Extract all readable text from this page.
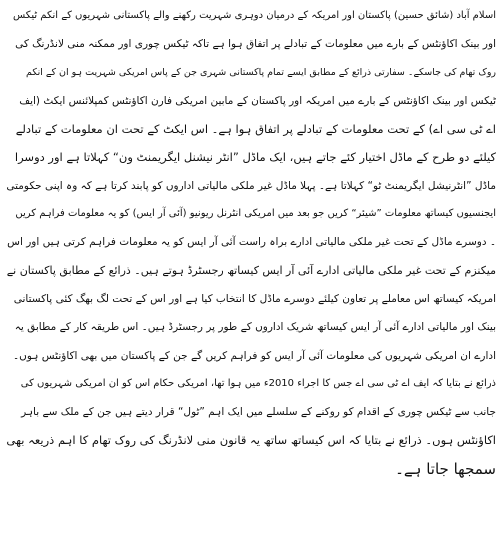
اسلام آباد (شائق حسین) پاکستان اور امریکہ کے درمیان دوہری شہریت رکھنے والے پاکستانی شہریوں کے انکم ٹیکس
اور بینک اکاؤنٹس کے بارے میں معلومات کے تبادلے پر اتفاق ہوا ہے تاکہ ٹیکس چوری اور ممکنہ منی لانڈرنگ کی
روک تھام کی جاسکے۔ سفارتی ذرائع کے مطابق ایسے تمام پاکستانی شہری جن کے پاس امریکی شہریت ہو ان کے انکم
ٹیکس اور بینک اکاؤنٹس کے بارے میں امریکہ اور پاکستان کے مابین امریکی فارن اکاؤنٹس کمپلائنس ایکٹ (ایف
اے ٹی سی اے) کے تحت معلومات کے تبادلے پر اتفاق ہوا ہے۔ اس ایکٹ کے تحت ان معلومات کے تبادلے
کیلئے دو طرح کے ماڈل اختیار کئے جاتے ہیں، ایک ماڈل ”انٹر نیشنل ایگریمنٹ ون“ کہلاتا ہے اور دوسرا
ماڈل ”انٹرنیشل ایگریمنٹ ٹو“ کہلاتا ہے۔ پہلا ماڈل غیر ملکی مالیاتی اداروں کو پابند کرتا ہے کہ وہ اپنی حکومتی
ایجنسیوں کیساتھ معلومات ”شیئر“ کریں جو بعد میں امریکی انٹرنل ریونیو (آئی آر ایس) کو یہ معلومات فراہم کریں
۔ دوسرے ماڈل کے تحت غیر ملکی مالیاتی ادارے براہ راست آئی آر ایس کو یہ معلومات فراہم کرتی ہیں اور اس
میکنزم کے تحت غیر ملکی مالیاتی ادارے آئی آر ایس کیساتھ رجسٹرڈ ہوتے ہیں۔ ذرائع کے مطابق پاکستان نے
امریکہ کیساتھ اس معاملے پر تعاون کیلئے دوسرے ماڈل کا انتخاب کیا ہے اور اس کے تحت لگ بھگ کئی پاکستانی
بینک اور مالیاتی ادارے آئی آر ایس کیساتھ شریک اداروں کے طور پر رجسٹرڈ ہیں۔ اس طریقہ کار کے مطابق یہ
ادارے ان امریکی شہریوں کی معلومات آئی آر ایس کو فراہم کریں گے جن کے پاکستان میں بھی اکاؤنٹس ہوں۔
ذرائع نے بتایا کہ ایف اے ٹی سی اے جس کا اجراء 2010ء میں ہوا تھا، امریکی حکام اس کو ان امریکی شہریوں کی
جانب سے ٹیکس چوری کے اقدام کو روکنے کے سلسلے میں ایک اہم ”ٹول“ قرار دیتے ہیں جن کے ملک سے باہر
اکاؤنٹس ہوں۔ ذرائع نے بتایا کہ اس کیساتھ ساتھ یہ قانون منی لانڈرنگ کی روک تھام کا اہم ذریعہ بھی
سمجھا جاتا ہے۔
